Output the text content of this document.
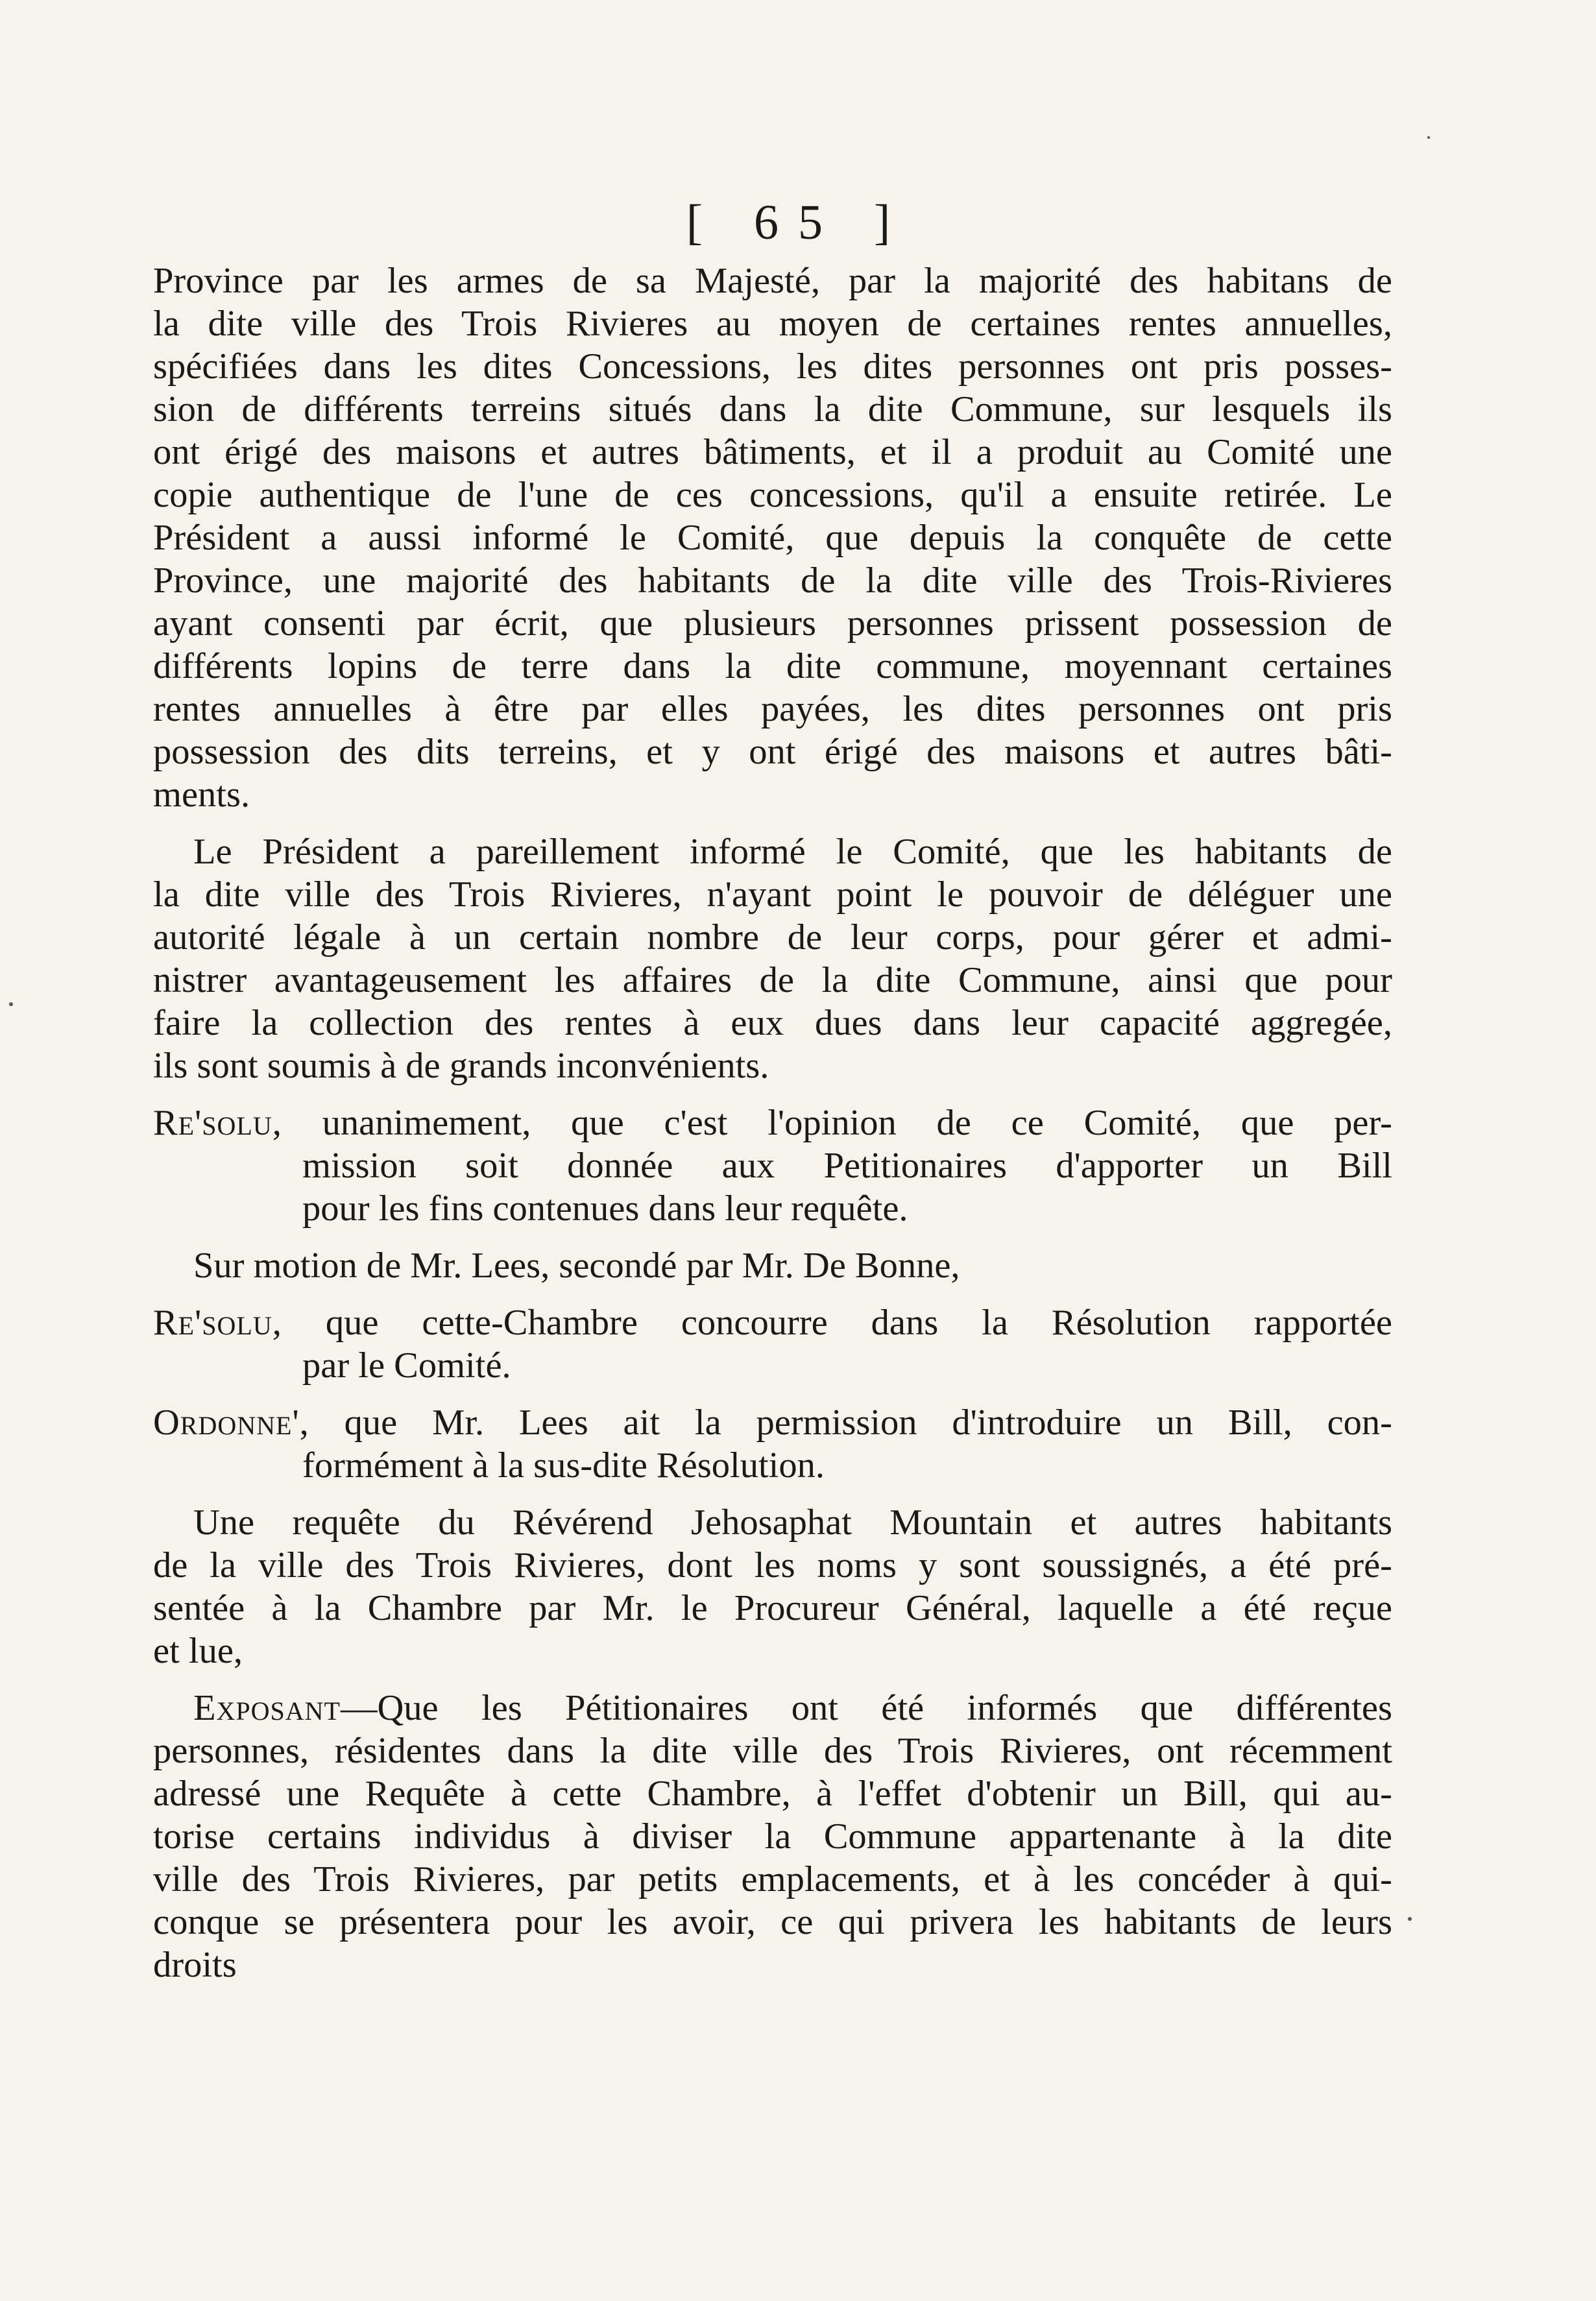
[ 65 ]

Province par les armes de sa Majesté, par la majorité des habitans de

la dite ville des Trois Rivieres au moyen de certaines rentes annuelles,

spécifiées dans les dites Concessions, les dites personnes ont pris posses-

sion de différents terreins situés dans la dite Commune, sur lesquels ils

ont érigé des maisons et autres bâtiments, et il a produit au Comité une

copie authentique de l'une de ces concessions, qu'il a ensuite retirée. Le

Président a aussi informé le Comité, que depuis la conquête de cette

Province, une majorité des habitants de la dite ville des Trois-Rivieres

ayant consenti par écrit, que plusieurs personnes prissent possession de

différents lopins de terre dans la dite commune, moyennant certaines

rentes annuelles à être par elles payées, les dites personnes ont pris

possession des dits terreins, et y ont érigé des maisons et autres bâti-

ments.

Le Président a pareillement informé le Comité, que les habitants de

la dite ville des Trois Rivieres, n'ayant point le pouvoir de déléguer une

autorité légale à un certain nombre de leur corps, pour gérer et admi-

nistrer avantageusement les affaires de la dite Commune, ainsi que pour

faire la collection des rentes à eux dues dans leur capacité aggregée,

ils sont soumis à de grands inconvénients.

Re'solu, unanimement, que c'est l'opinion de ce Comité, que per-

mission soit donnée aux Petitionaires d'apporter un Bill

pour les fins contenues dans leur requête.

Sur motion de Mr. Lees, secondé par Mr. De Bonne,

Re'solu, que cette-Chambre concourre dans la Résolution rapportée

par le Comité.

Ordonne', que Mr. Lees ait la permission d'introduire un Bill, con-

formément à la sus-dite Résolution.

Une requête du Révérend Jehosaphat Mountain et autres habitants

de la ville des Trois Rivieres, dont les noms y sont soussignés, a été pré-

sentée à la Chambre par Mr. le Procureur Général, laquelle a été reçue

et lue,

Exposant—Que les Pétitionaires ont été informés que différentes

personnes, résidentes dans la dite ville des Trois Rivieres, ont récemment

adressé une Requête à cette Chambre, à l'effet d'obtenir un Bill, qui au-

torise certains individus à diviser la Commune appartenante à la dite

ville des Trois Rivieres, par petits emplacements, et à les concéder à qui-

conque se présentera pour les avoir, ce qui privera les habitants de leurs

droits
